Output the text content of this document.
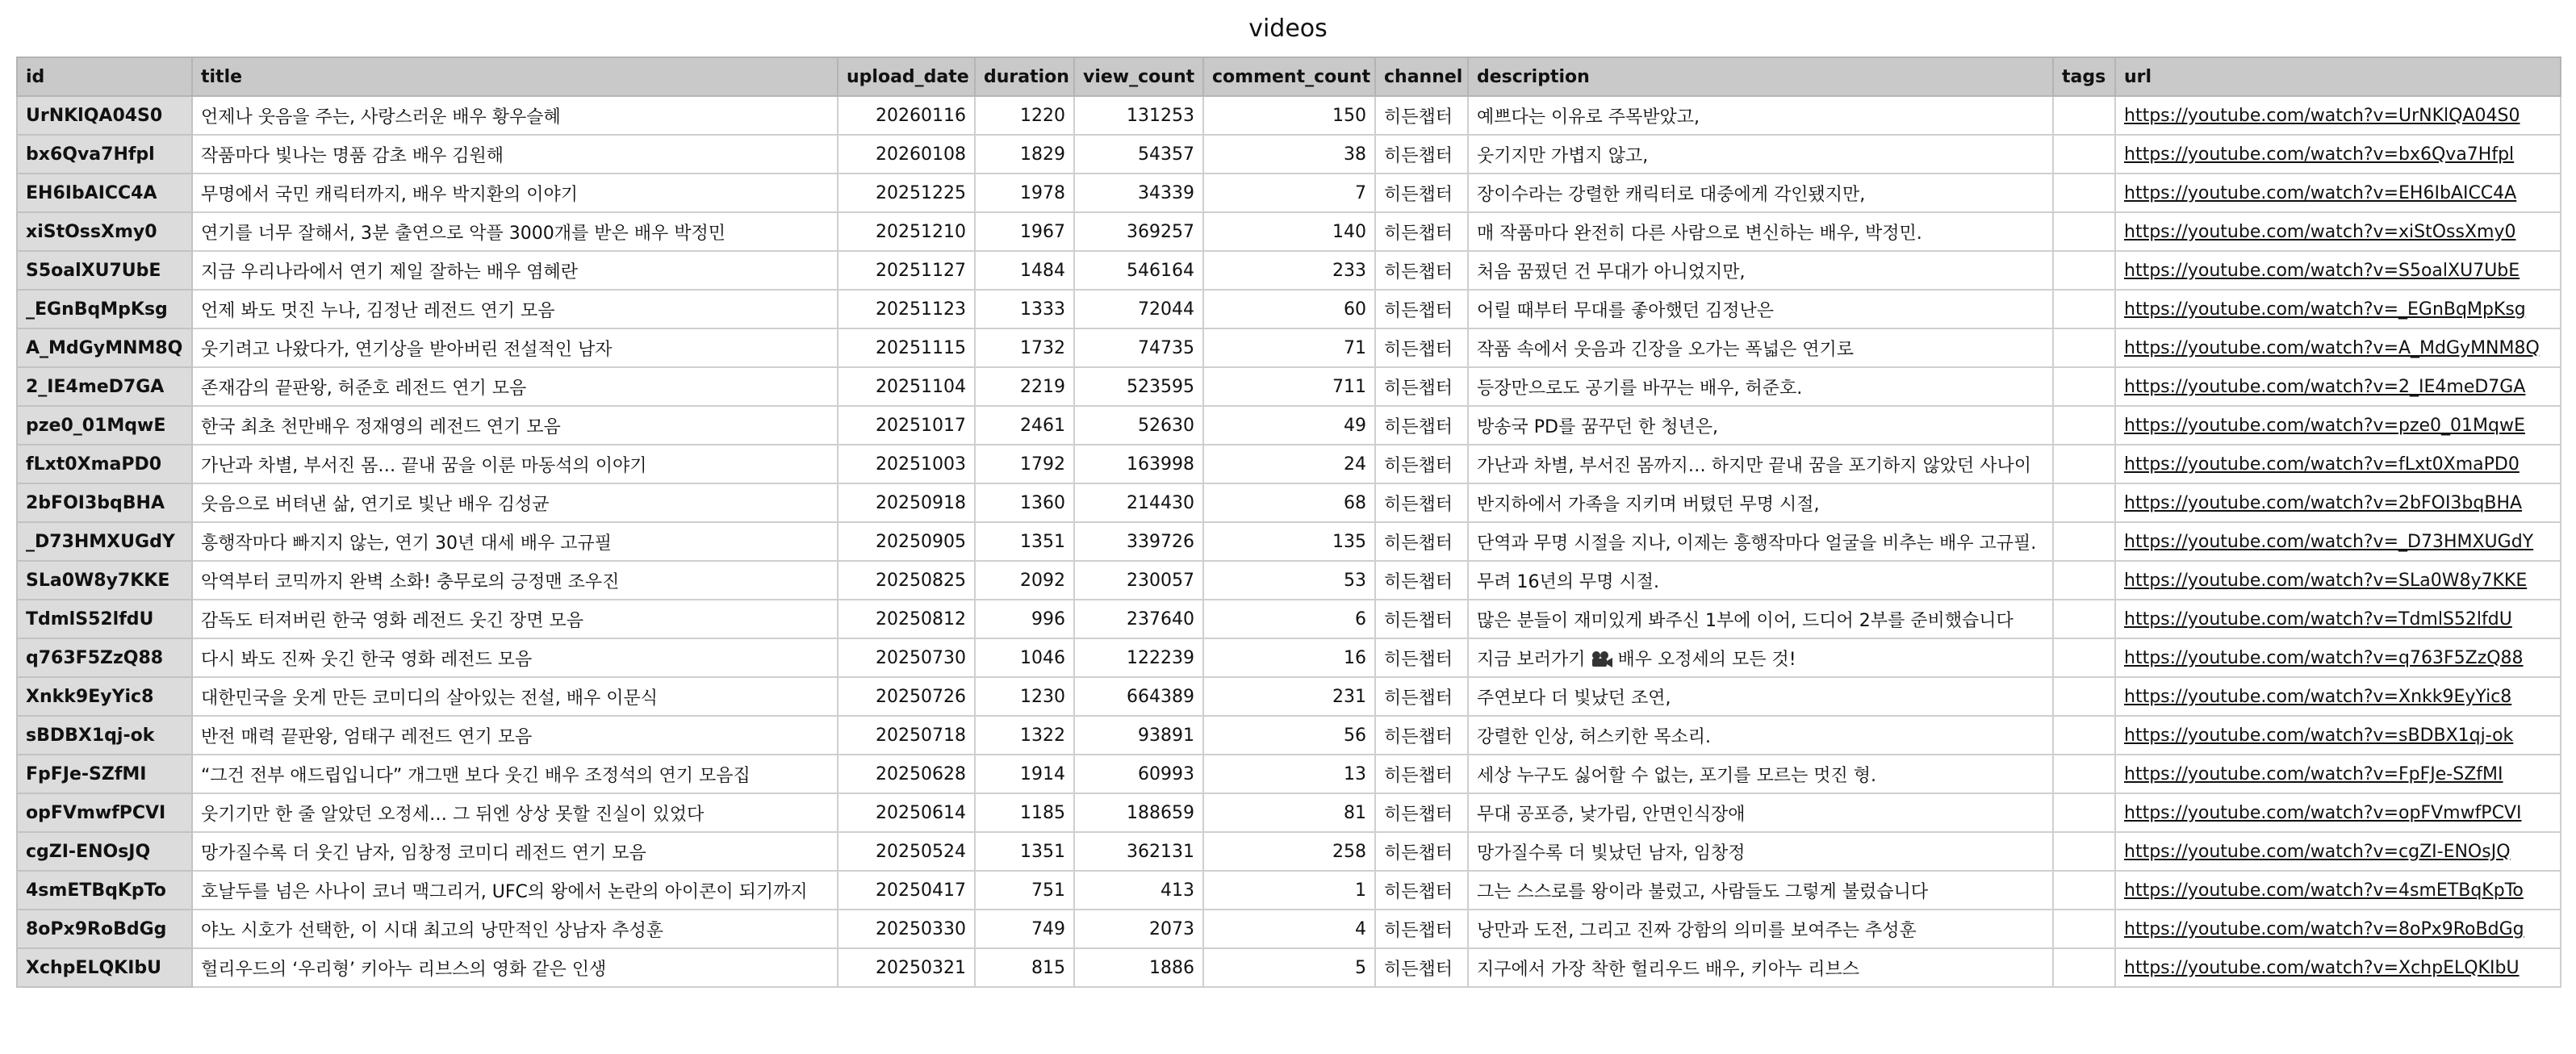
videos
id	title	upload_date	duration	view_count	comment_count	channel	description	tags	url
UrNKlQA04S0	언제나 웃음을 주는, 사랑스러운 배우 황우슬혜	20260116	1220	131253	150	히든챕터	예쁘다는 이유로 주목받았고,		https://youtube.com/watch?v=UrNKlQA04S0
bx6Qva7Hfpl	작품마다 빛나는 명품 감초 배우 김원해	20260108	1829	54357	38	히든챕터	웃기지만 가볍지 않고,		https://youtube.com/watch?v=bx6Qva7Hfpl
EH6IbAICC4A	무명에서 국민 캐릭터까지, 배우 박지환의 이야기	20251225	1978	34339	7	히든챕터	장이수라는 강렬한 캐릭터로 대중에게 각인됐지만,		https://youtube.com/watch?v=EH6IbAICC4A
xiStOssXmy0	연기를 너무 잘해서, 3분 출연으로 악플 3000개를 받은 배우 박정민	20251210	1967	369257	140	히든챕터	매 작품마다 완전히 다른 사람으로 변신하는 배우, 박정민.		https://youtube.com/watch?v=xiStOssXmy0
S5oalXU7UbE	지금 우리나라에서 연기 제일 잘하는 배우 염혜란	20251127	1484	546164	233	히든챕터	처음 꿈꿨던 건 무대가 아니었지만,		https://youtube.com/watch?v=S5oalXU7UbE
_EGnBqMpKsg	언제 봐도 멋진 누나, 김정난 레전드 연기 모음	20251123	1333	72044	60	히든챕터	어릴 때부터 무대를 좋아했던 김정난은		https://youtube.com/watch?v=_EGnBqMpKsg
A_MdGyMNM8Q	웃기려고 나왔다가, 연기상을 받아버린 전설적인 남자	20251115	1732	74735	71	히든챕터	작품 속에서 웃음과 긴장을 오가는 폭넓은 연기로		https://youtube.com/watch?v=A_MdGyMNM8Q
2_IE4meD7GA	존재감의 끝판왕, 허준호 레전드 연기 모음	20251104	2219	523595	711	히든챕터	등장만으로도 공기를 바꾸는 배우, 허준호.		https://youtube.com/watch?v=2_IE4meD7GA
pze0_01MqwE	한국 최초 천만배우 정재영의 레전드 연기 모음	20251017	2461	52630	49	히든챕터	방송국 PD를 꿈꾸던 한 청년은,		https://youtube.com/watch?v=pze0_01MqwE
fLxt0XmaPD0	가난과 차별, 부서진 몸… 끝내 꿈을 이룬 마동석의 이야기	20251003	1792	163998	24	히든챕터	가난과 차별, 부서진 몸까지… 하지만 끝내 꿈을 포기하지 않았던 사나이		https://youtube.com/watch?v=fLxt0XmaPD0
2bFOI3bqBHA	웃음으로 버텨낸 삶, 연기로 빛난 배우 김성균	20250918	1360	214430	68	히든챕터	반지하에서 가족을 지키며 버텼던 무명 시절,		https://youtube.com/watch?v=2bFOI3bqBHA
_D73HMXUGdY	흥행작마다 빠지지 않는, 연기 30년 대세 배우 고규필	20250905	1351	339726	135	히든챕터	단역과 무명 시절을 지나, 이제는 흥행작마다 얼굴을 비추는 배우 고규필.		https://youtube.com/watch?v=_D73HMXUGdY
SLa0W8y7KKE	악역부터 코믹까지 완벽 소화! 충무로의 긍정맨 조우진	20250825	2092	230057	53	히든챕터	무려 16년의 무명 시절.		https://youtube.com/watch?v=SLa0W8y7KKE
TdmlS52lfdU	감독도 터져버린 한국 영화 레전드 웃긴 장면 모음	20250812	996	237640	6	히든챕터	많은 분들이 재미있게 봐주신 1부에 이어, 드디어 2부를 준비했습니다		https://youtube.com/watch?v=TdmlS52lfdU
q763F5ZzQ88	다시 봐도 진짜 웃긴 한국 영화 레전드 모음	20250730	1046	122239	16	히든챕터	지금 보러가기 배우 오정세의 모든 것!		https://youtube.com/watch?v=q763F5ZzQ88
Xnkk9EyYic8	대한민국을 웃게 만든 코미디의 살아있는 전설, 배우 이문식	20250726	1230	664389	231	히든챕터	주연보다 더 빛났던 조연,		https://youtube.com/watch?v=Xnkk9EyYic8
sBDBX1qj-ok	반전 매력 끝판왕, 엄태구 레전드 연기 모음	20250718	1322	93891	56	히든챕터	강렬한 인상, 허스키한 목소리.		https://youtube.com/watch?v=sBDBX1qj-ok
FpFJe-SZfMI	“그건 전부 애드립입니다” 개그맨 보다 웃긴 배우 조정석의 연기 모음집	20250628	1914	60993	13	히든챕터	세상 누구도 싫어할 수 없는, 포기를 모르는 멋진 형.		https://youtube.com/watch?v=FpFJe-SZfMI
opFVmwfPCVI	웃기기만 한 줄 알았던 오정세… 그 뒤엔 상상 못할 진실이 있었다	20250614	1185	188659	81	히든챕터	무대 공포증, 낯가림, 안면인식장애		https://youtube.com/watch?v=opFVmwfPCVI
cgZI-ENOsJQ	망가질수록 더 웃긴 남자, 임창정 코미디 레전드 연기 모음	20250524	1351	362131	258	히든챕터	망가질수록 더 빛났던 남자, 임창정		https://youtube.com/watch?v=cgZI-ENOsJQ
4smETBqKpTo	호날두를 넘은 사나이 코너 맥그리거, UFC의 왕에서 논란의 아이콘이 되기까지	20250417	751	413	1	히든챕터	그는 스스로를 왕이라 불렀고, 사람들도 그렇게 불렀습니다		https://youtube.com/watch?v=4smETBqKpTo
8oPx9RoBdGg	야노 시호가 선택한, 이 시대 최고의 낭만적인 상남자 추성훈	20250330	749	2073	4	히든챕터	낭만과 도전, 그리고 진짜 강함의 의미를 보여주는 추성훈		https://youtube.com/watch?v=8oPx9RoBdGg
XchpELQKIbU	헐리우드의 ‘우리형’ 키아누 리브스의 영화 같은 인생	20250321	815	1886	5	히든챕터	지구에서 가장 착한 헐리우드 배우, 키아누 리브스		https://youtube.com/watch?v=XchpELQKIbU
